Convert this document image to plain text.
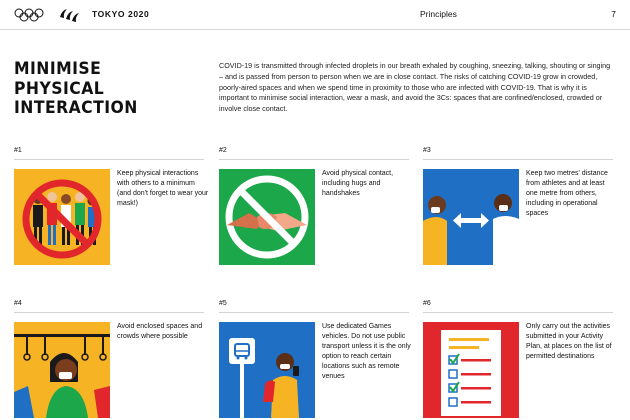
TOKYO 2020	Principles	7
MINIMISE
PHYSICAL
INTERACTION
COVID-19 is transmitted through infected droplets in our breath exhaled by coughing, sneezing, talking, shouting or singing – and is passed from person to person when we are in close contact. The risks of catching COVID-19 grow in crowded, poorly-aired spaces and when we spend time in proximity to those who are infected with COVID-19. That is why it is important to minimise social interaction, wear a mask, and avoid the 3Cs: spaces that are confined/enclosed, crowded or involve close contact.
#1
Keep physical interactions with others to a minimum (and don't forget to wear your mask!)
#2
Avoid physical contact, including hugs and handshakes
#3
Keep two metres' distance from athletes and at least one metre from others, including in operational spaces
#4
Avoid enclosed spaces and crowds where possible
#5
Use dedicated Games vehicles. Do not use public transport unless it is the only option to reach certain locations such as remote venues
#6
Only carry out the activities submitted in your Activity Plan, at places on the list of permitted destinations
